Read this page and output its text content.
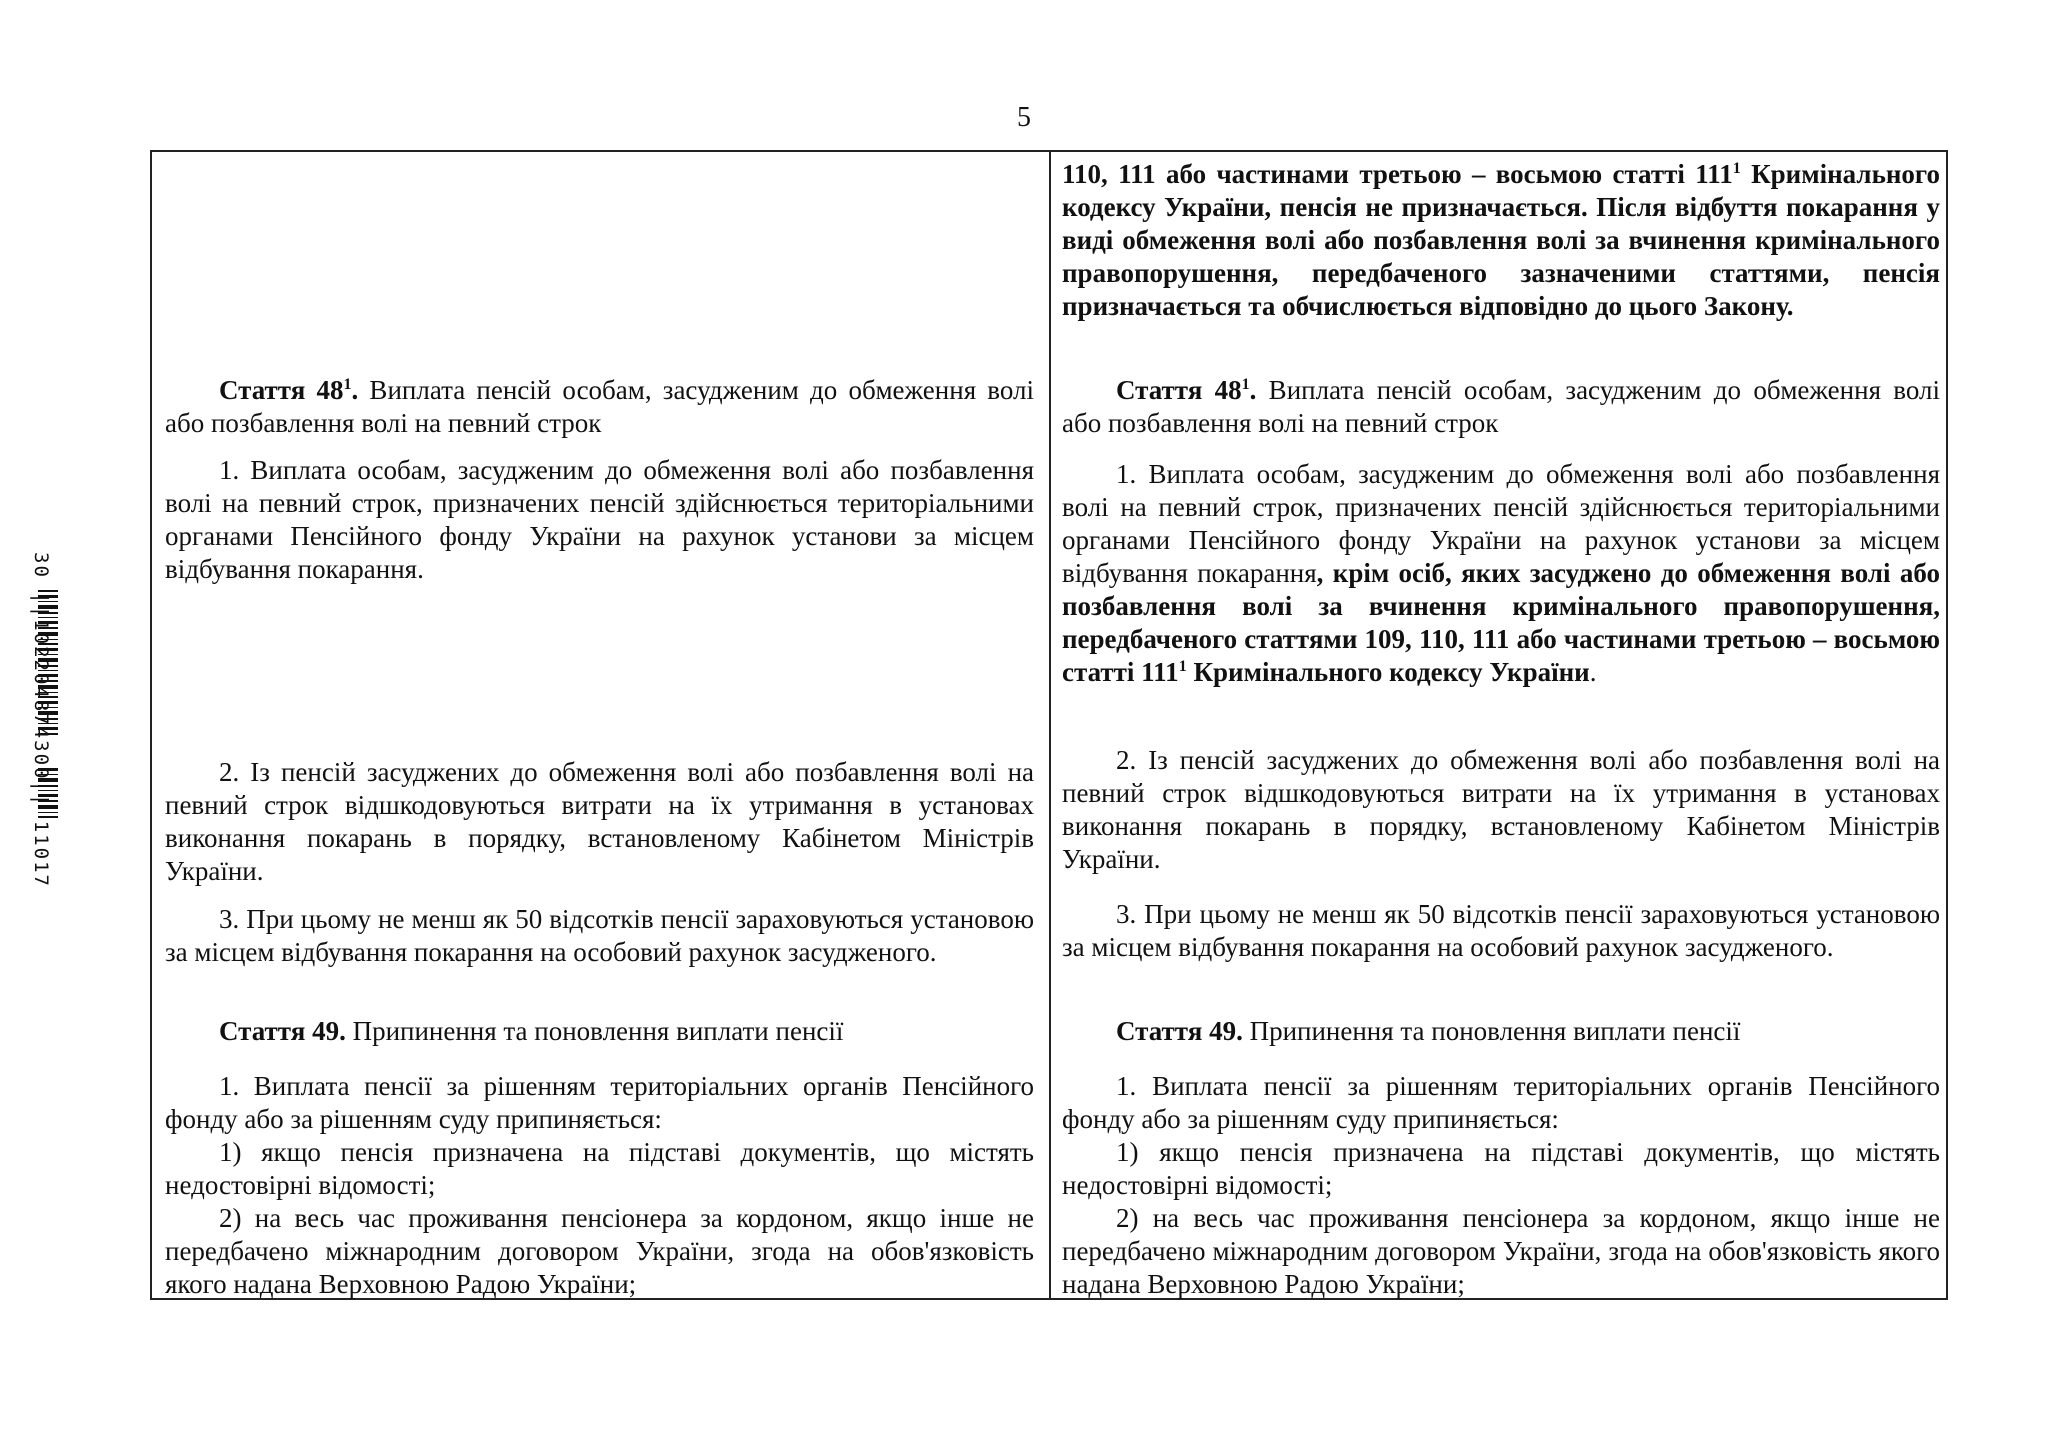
5
30 ||102204874300|| 11017

110, 111 або частинами третьою – восьмою статті $111^1$ Кримінального кодексу України, пенсія не призначається. Після відбуття покарання у виді обмеження волі або позбавлення волі за вчинення кримінального правопорушення, передбаченого зазначеними статтями, пенсія призначається та обчислюється відповідно до цього Закону.

Стаття $48^1$. Виплата пенсій особам, засудженим до обмеження волі або позбавлення волі на певний строк

Стаття $48^1$. Виплата пенсій особам, засудженим до обмеження волі або позбавлення волі на певний строк

1. Виплата особам, засудженим до обмеження волі або позбавлення волі на певний строк, призначених пенсій здійснюється територіальними органами Пенсійного фонду України на рахунок установи за місцем відбування покарання.

1. Виплата особам, засудженим до обмеження волі або позбавлення волі на певний строк, призначених пенсій здійснюється територіальними органами Пенсійного фонду України на рахунок установи за місцем відбування покарання, крім осіб, яких засуджено до обмеження волі або позбавлення волі за вчинення кримінального правопорушення, передбаченого статтями 109, 110, 111 або частинами третьою – восьмою статті $111^1$ Кримінального кодексу України.

2. Із пенсій засуджених до обмеження волі або позбавлення волі на певний строк відшкодовуються витрати на їх утримання в установах виконання покарань в порядку, встановленому Кабінетом Міністрів України.

2. Із пенсій засуджених до обмеження волі або позбавлення волі на певний строк відшкодовуються витрати на їх утримання в установах виконання покарань в порядку, встановленому Кабінетом Міністрів України.

3. При цьому не менш як 50 відсотків пенсії зараховуються установою за місцем відбування покарання на особовий рахунок засудженого.

3. При цьому не менш як 50 відсотків пенсії зараховуються установою за місцем відбування покарання на особовий рахунок засудженого.

Стаття 49. Припинення та поновлення виплати пенсії	Стаття 49. Припинення та поновлення виплати пенсії

1. Виплата пенсії за рішенням територіальних органів Пенсійного фонду або за рішенням суду припиняється:

1) якщо пенсія призначена на підставі документів, що містять недостовірні відомості;

2) на весь час проживання пенсіонера за кордоном, якщо інше не передбачено міжнародним договором України, згода на обов'язковість якого надана Верховною Радою України;

1. Виплата пенсії за рішенням територіальних органів Пенсійного фонду або за рішенням суду припиняється:

1) якщо пенсія призначена на підставі документів, що містять недостовірні відомості;

2) на весь час проживання пенсіонера за кордоном, якщо інше не передбачено міжнародним договором України, згода на обов'язковість якого надана Верховною Радою України;
